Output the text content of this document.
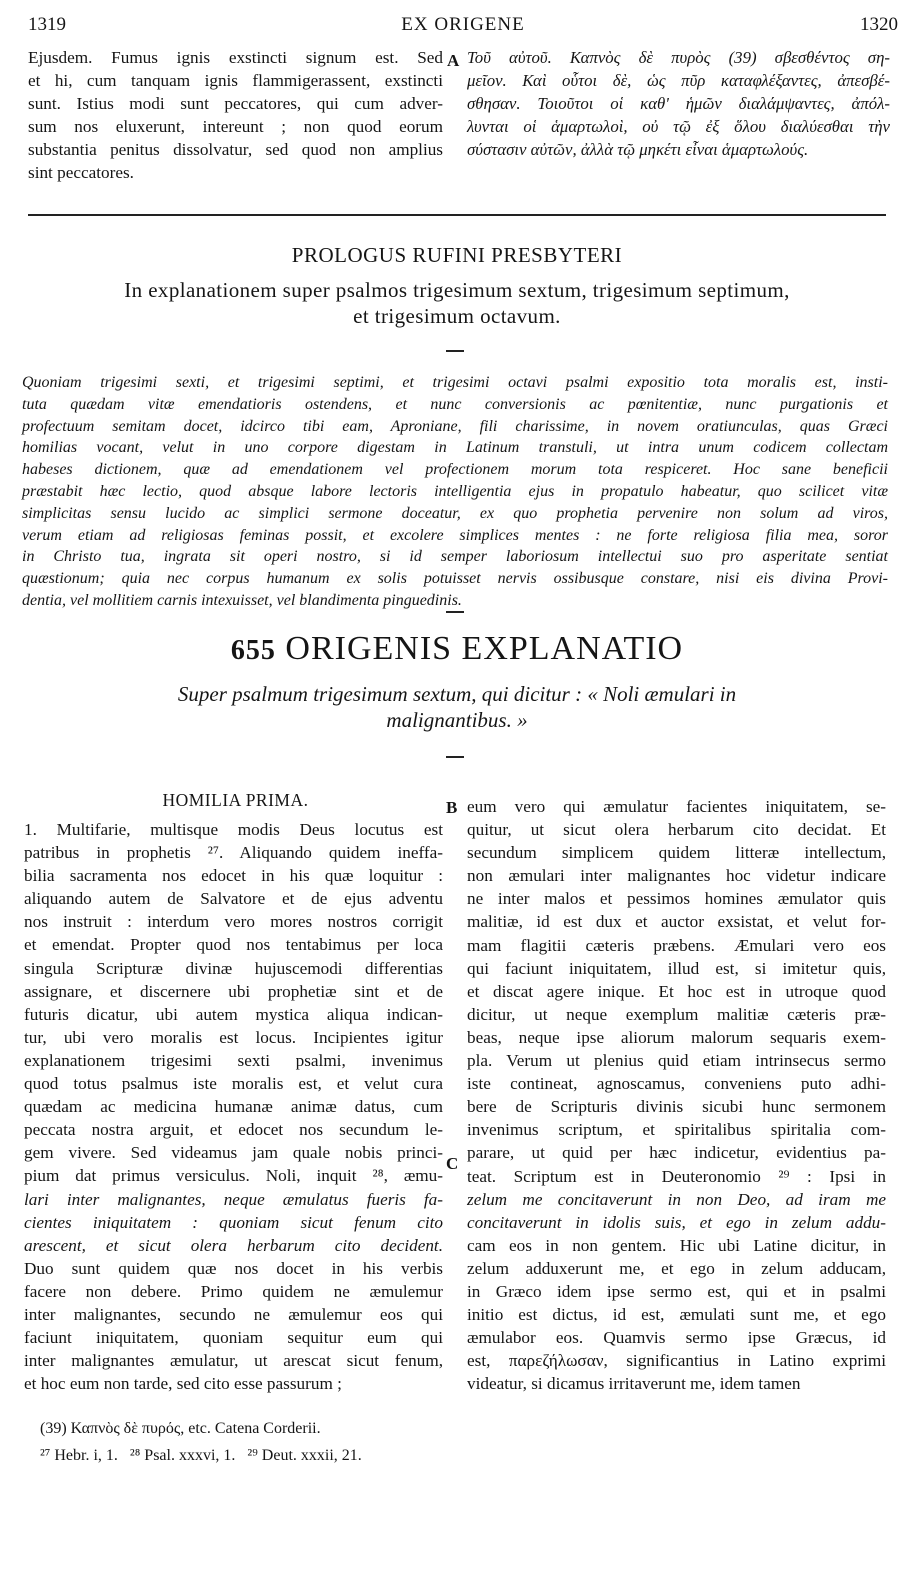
1319	EX ORIGENE	1320
Ejusdem. Fumus ignis exstincti signum est. Sed
et hi, cum tanquam ignis flammigerassent, exstincti
sunt. Istius modi sunt peccatores, qui cum adver-
sum nos eluxerunt, intereunt ; non quod eorum
substantia penitus dissolvatur, sed quod non amplius
sint peccatores.
A Τοῦ αὐτοῦ. Καπνὸς δὲ πυρὸς (39) σβεσθέντος ση-
μεῖον. Καὶ οὗτοι δὲ, ὡς πῦρ καταφλέξαντες, ἀπεσβέ-
σθησαν. Τοιοῦτοι οἱ καθ' ἡμῶν διαλάμψαντες, ἀπόλ-
λυνται οἱ ἁμαρτωλοὶ, οὐ τῷ ἐξ ὅλου διαλύεσθαι τὴν
σύστασιν αὐτῶν, ἀλλὰ τῷ μηκέτι εἶναι ἁμαρτωλούς.
PROLOGUS RUFINI PRESBYTERI
In explanationem super psalmos trigesimum sextum, trigesimum septimum,
et trigesimum octavum.
Quoniam trigesimi sexti, et trigesimi septimi, et trigesimi octavi psalmi expositio tota moralis est, insti-
tuta quædam vitæ emendatioris ostendens, et nunc conversionis ac pœnitentiæ, nunc purgationis et
profectuum semitam docet, idcirco tibi eam, Aproniane, fili charissime, in novem oratiunculas, quas Græci
homilias vocant, velut in uno corpore digestam in Latinum transtuli, ut intra unum codicem collectam
habeses dictionem, quæ ad emendationem vel profectionem morum tota respiceret. Hoc sane beneficii
præstabit hæc lectio, quod absque labore lectoris intelligentia ejus in propatulo habeatur, quo scilicet vitæ
simplicitas sensu lucido ac simplici sermone doceatur, ex quo prophetia pervenire non solum ad viros,
verum etiam ad religiosas feminas possit, et excolere simplices mentes : ne forte religiosa filia mea, soror
in Christo tua, ingrata sit operi nostro, si id semper laboriosum intellectui suo pro asperitate sentiat
quæstionum; quia nec corpus humanum ex solis potuisset nervis ossibusque constare, nisi eis divina Provi-
dentia, vel mollitiem carnis intexuisset, vel blandimenta pinguedinis.
655 ORIGENIS EXPLANATIO
Super psalmum trigesimum sextum, qui dicitur : « Noli æmulari in
malignantibus. »
HOMILIA PRIMA.	B
C
1. Multifarie, multisque modis Deus locutus est
patribus in prophetis ²⁷. Aliquando quidem ineffa-
bilia sacramenta nos edocet in his quæ loquitur :
aliquando autem de Salvatore et de ejus adventu
nos instruit : interdum vero mores nostros corrigit
et emendat. Propter quod nos tentabimus per loca
singula Scripturæ divinæ hujuscemodi differentias
assignare, et discernere ubi prophetiæ sint et de
futuris dicatur, ubi autem mystica aliqua indican-
tur, ubi vero moralis est locus. Incipientes igitur
explanationem trigesimi sexti psalmi, invenimus
quod totus psalmus iste moralis est, et velut cura
quædam ac medicina humanæ animæ datus, cum
peccata nostra arguit, et edocet nos secundum le-
gem vivere. Sed videamus jam quale nobis princi-
pium dat primus versiculus. Noli, inquit ²⁸, æmu-
lari inter malignantes, neque æmulatus fueris fa-
cientes iniquitatem : quoniam sicut fenum cito
arescent, et sicut olera herbarum cito decident.
Duo sunt quidem quæ nos docet in his verbis
facere non debere. Primo quidem ne æmulemur
inter malignantes, secundo ne æmulemur eos qui
faciunt iniquitatem, quoniam sequitur eum qui
inter malignantes æmulatur, ut arescat sicut fenum,
et hoc eum non tarde, sed cito esse passurum ;
eum vero qui æmulatur facientes iniquitatem, se-
quitur, ut sicut olera herbarum cito decidat. Et
secundum simplicem quidem litteræ intellectum,
non æmulari inter malignantes hoc videtur indicare
ne inter malos et pessimos homines æmulator quis
malitiæ, id est dux et auctor exsistat, et velut for-
mam flagitii cæteris præbens. Æmulari vero eos
qui faciunt iniquitatem, illud est, si imitetur quis,
et discat agere inique. Et hoc est in utroque quod
dicitur, ut neque exemplum malitiæ cæteris præ-
beas, neque ipse aliorum malorum sequaris exem-
pla. Verum ut plenius quid etiam intrinsecus sermo
iste contineat, agnoscamus, conveniens puto adhi-
bere de Scripturis divinis sicubi hunc sermonem
invenimus scriptum, et spiritalibus spiritalia com-
parare, ut quid per hæc indicetur, evidentius pa-
teat. Scriptum est in Deuteronomio ²⁹ : Ipsi in
zelum me concitaverunt in non Deo, ad iram me
concitaverunt in idolis suis, et ego in zelum addu-
cam eos in non gentem. Hic ubi Latine dicitur, in
zelum adduxerunt me, et ego in zelum adducam,
in Græco idem ipse sermo est, qui et in psalmi
initio est dictus, id est, æmulati sunt me, et ego
æmulabor eos. Quamvis sermo ipse Græcus, id
est, παρεζήλωσαν, significantius in Latino exprimi
videatur, si dicamus irritaverunt me, idem tamen
(39) Καπνὸς δὲ πυρός, etc. Catena Corderii.
²⁷ Hebr. i, 1.   ²⁸ Psal. xxxvi, 1.   ²⁹ Deut. xxxii, 21.
